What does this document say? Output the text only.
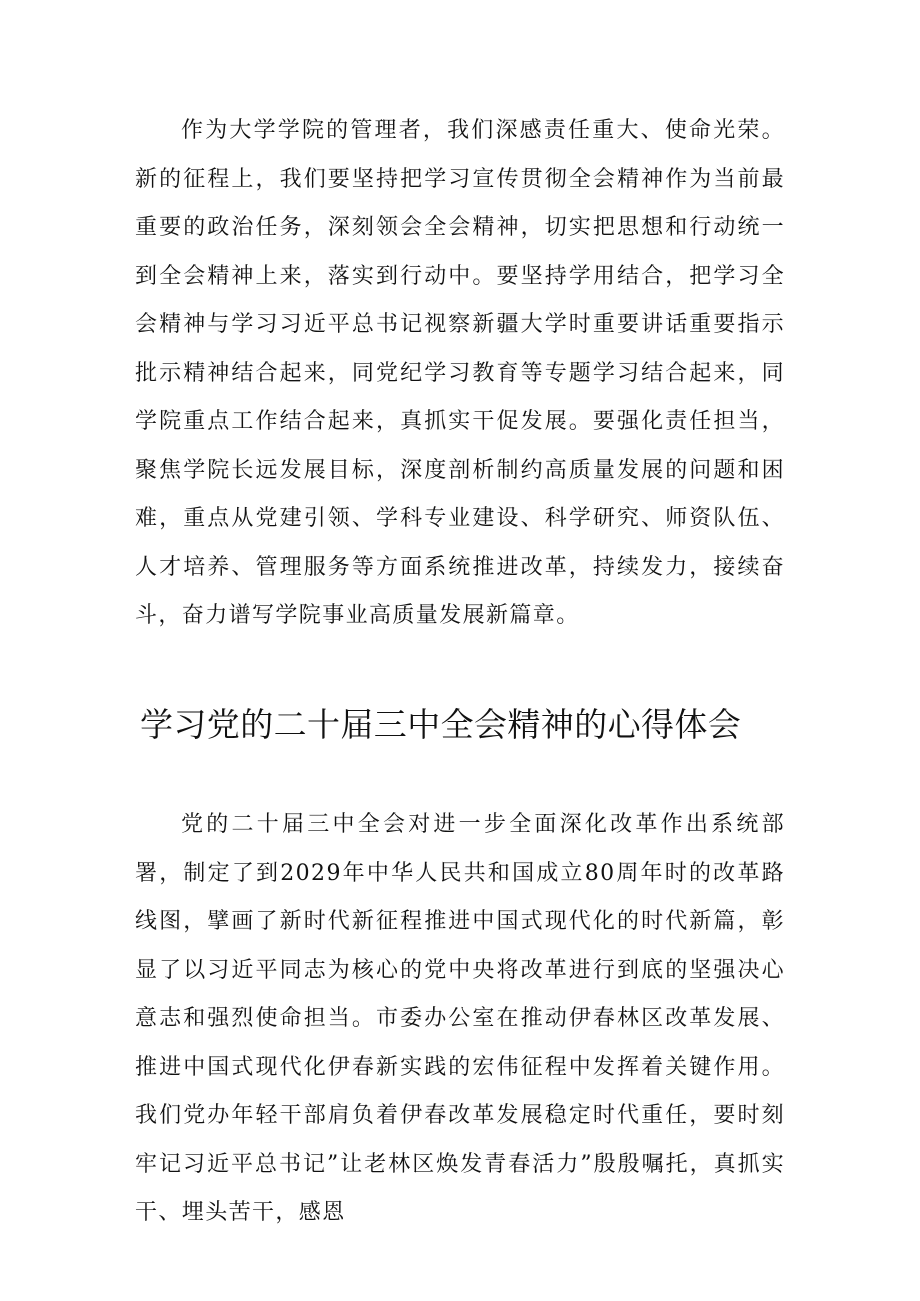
作为大学学院的管理者，我们深感责任重大、使命光荣。新的征程上，我们要坚持把学习宣传贯彻全会精神作为当前最重要的政治任务，深刻领会全会精神，切实把思想和行动统一到全会精神上来，落实到行动中。要坚持学用结合，把学习全会精神与学习习近平总书记视察新疆大学时重要讲话重要指示批示精神结合起来，同党纪学习教育等专题学习结合起来，同学院重点工作结合起来，真抓实干促发展。要强化责任担当，聚焦学院长远发展目标，深度剖析制约高质量发展的问题和困难，重点从党建引领、学科专业建设、科学研究、师资队伍、人才培养、管理服务等方面系统推进改革，持续发力，接续奋斗，奋力谱写学院事业高质量发展新篇章。

学习党的二十届三中全会精神的心得体会

党的二十届三中全会对进一步全面深化改革作出系统部署，制定了到2029年中华人民共和国成立80周年时的改革路线图，擘画了新时代新征程推进中国式现代化的时代新篇，彰显了以习近平同志为核心的党中央将改革进行到底的坚强决心意志和强烈使命担当。市委办公室在推动伊春林区改革发展、推进中国式现代化伊春新实践的宏伟征程中发挥着关键作用。我们党办年轻干部肩负着伊春改革发展稳定时代重任，要时刻牢记习近平总书记”让老林区焕发青春活力”殷殷嘱托，真抓实干、埋头苦干，感恩
